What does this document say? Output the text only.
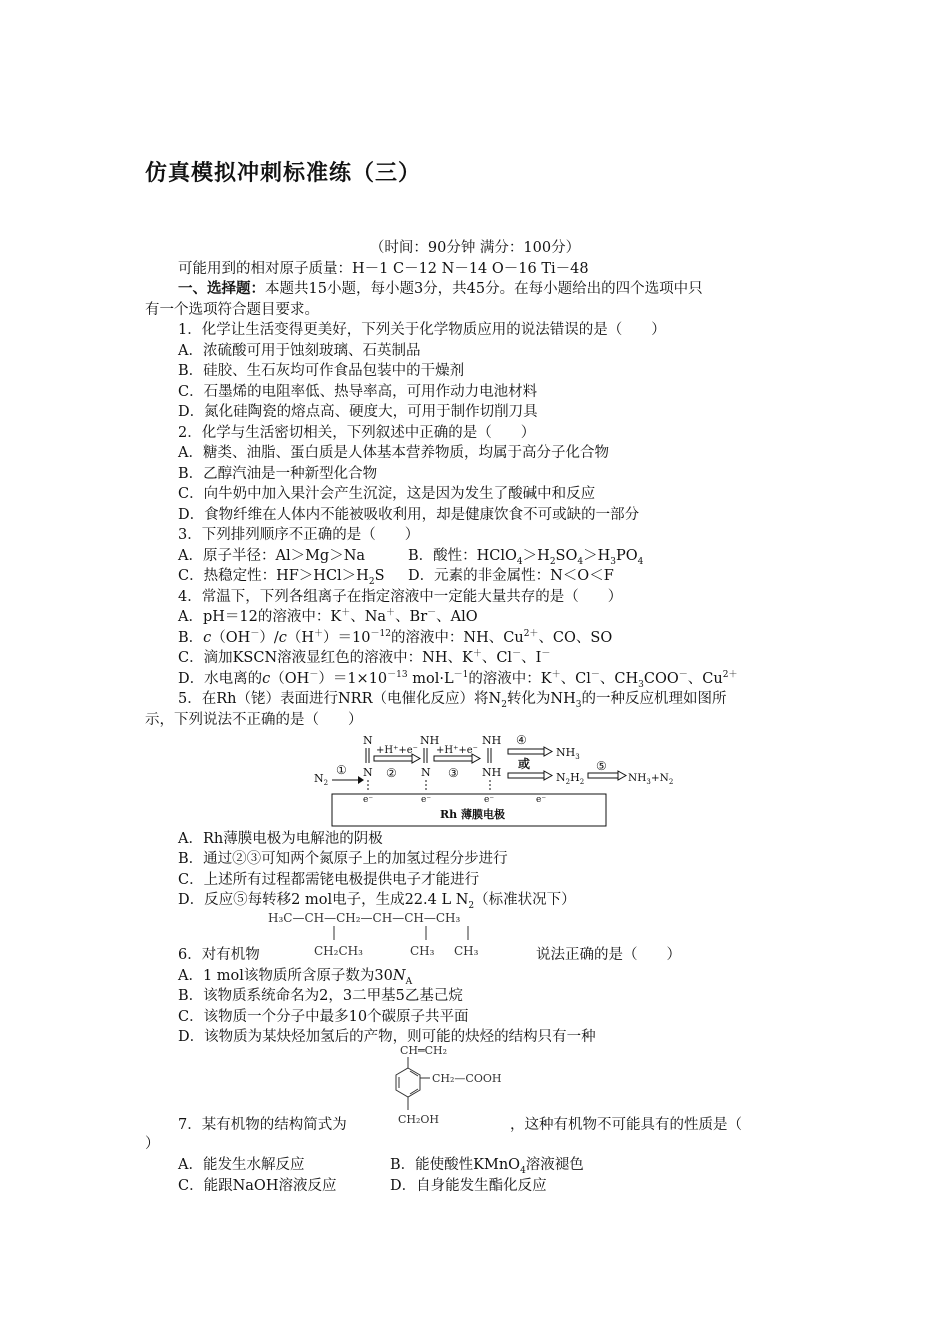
仿真模拟冲刺标准练（三）
（时间：90分钟 满分：100分）
可能用到的相对原子质量：H－1 C－12 N－14 O－16 Ti－48
一、选择题：本题共15小题，每小题3分，共45分。在每小题给出的四个选项中只
有一个选项符合题目要求。
1．化学让生活变得更美好，下列关于化学物质应用的说法错误的是（　　）
A．浓硫酸可用于蚀刻玻璃、石英制品
B．硅胶、生石灰均可作食品包装中的干燥剂
C．石墨烯的电阻率低、热导率高，可用作动力电池材料
D．氮化硅陶瓷的熔点高、硬度大，可用于制作切削刀具
2．化学与生活密切相关，下列叙述中正确的是（　　）
A．糖类、油脂、蛋白质是人体基本营养物质，均属于高分子化合物
B．乙醇汽油是一种新型化合物
C．向牛奶中加入果汁会产生沉淀，这是因为发生了酸碱中和反应
D．食物纤维在人体内不能被吸收利用，却是健康饮食不可或缺的一部分
3．下列排列顺序不正确的是（　　）
A．原子半径：Al＞Mg＞Na	B．酸性：$HClO_4>H_2SO_4>H_3PO_4$
C．热稳定性：$HF>HCl>H_2S$ D．元素的非金属性：N＜O＜F
4．常温下，下列各组离子在指定溶液中一定能大量共存的是（　　）
A．pH＝12的溶液中：K＋、Na＋、Br－、AlO
B．$c(OH^-)/c(H^+)=10^{-12}$的溶液中：NH、$Cu^{2+}$、CO、SO
C．滴加KSCN溶液显红色的溶液中：NH、K＋、Cl－、I－
D．水电离的$c(OH^-)=1\times 10^{-13}$ $mol\cdot L^{-1}$的溶液中：K＋、Cl－、$CH_3COO^-$、$Cu^{2+}$
5．在Rh（铑）表面进行NRR（电催化反应）将$N_2$转化为$NH_3$的一种反应机理如图所
示，下列说法不正确的是（　　）
$N_2$
①
N
N
+H⁺+e⁻
②
NH
N
+H⁺+e⁻
③
NH
NH
④
$NH_3$
或
$N_2H_2$
⑤
$NH_3+N_2$
e⁻	e⁻	e⁻	e⁻
Rh 薄膜电极
A．Rh薄膜电极为电解池的阴极
B．通过②③可知两个氮原子上的加氢过程分步进行
C．上述所有过程都需铑电极提供电子才能进行
D．反应⑤每转移2 mol电子，生成22.4 L $N_2$（标准状况下）
H₃C—CH—CH₂—CH—CH—CH₃
CH₂CH₃	CH₃ CH₃
6．对有机物	说法正确的是（　　）
A．1 mol该物质所含原子数为$30N_A$
B．该物质系统命名为2，3二甲基5乙基己烷
C．该物质一个分子中最多10个碳原子共平面
D．该物质为某炔烃加氢后的产物，则可能的炔烃的结构只有一种
CH═CH₂
CH₂—COOH
CH₂OH
7．某有机物的结构简式为	，这种有机物不可能具有的性质是（
）
A．能发生水解反应	B．能使酸性KMnO$_4$溶液褪色
C．能跟NaOH溶液反应	D．自身能发生酯化反应
